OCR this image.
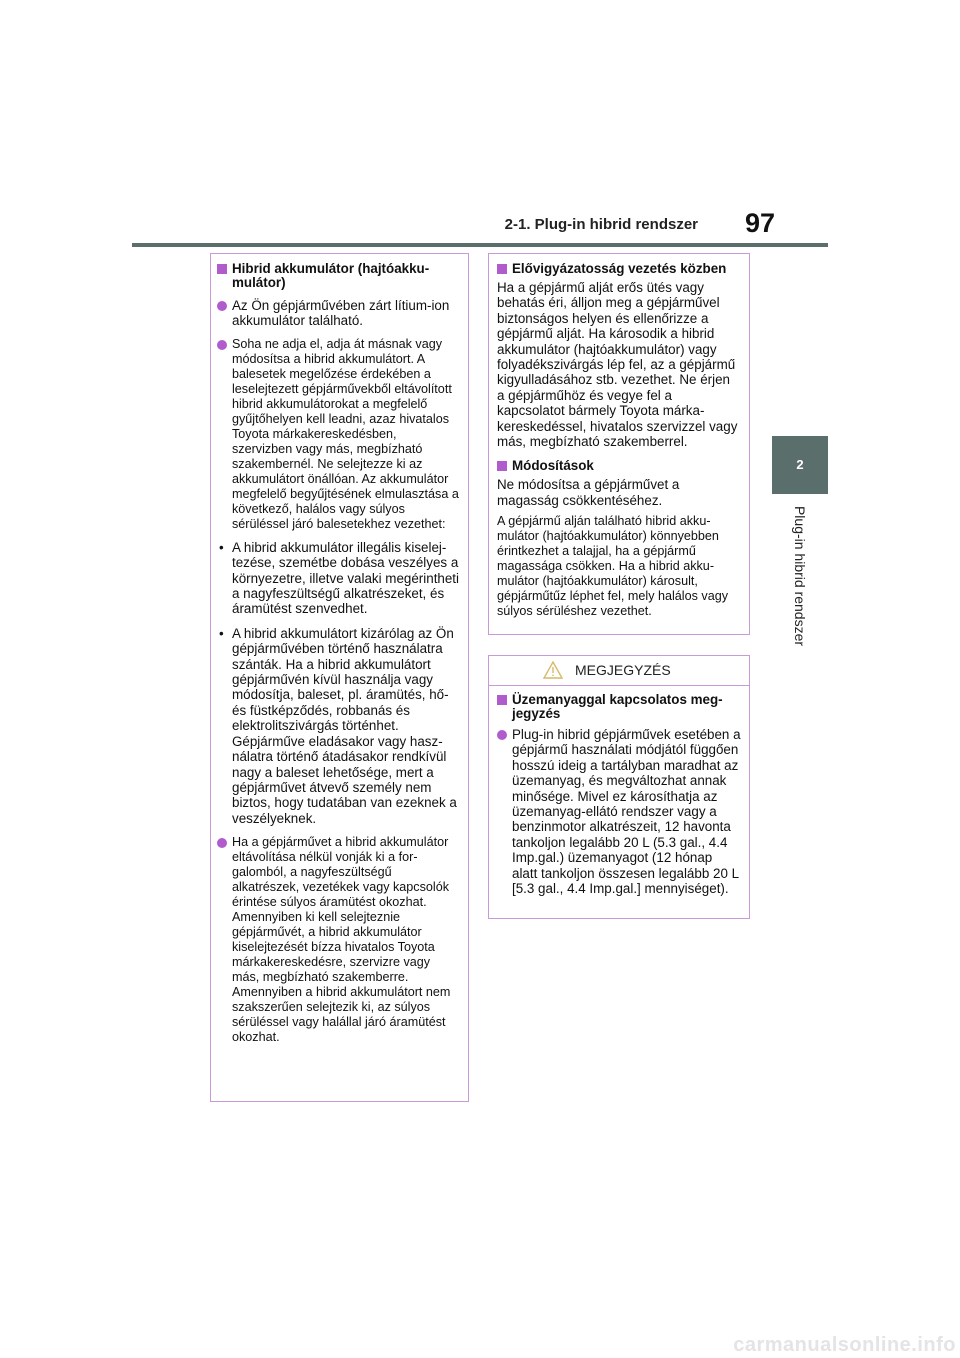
2-1. Plug-in hibrid rendszer	97
2
Plug-in hibrid rendszer
Hibrid akkumulátor (hajtóakkumulátor)

Az Ön gépjárművében zárt lítium-ion akkumulátor található.

Soha ne adja el, adja át másnak vagy módosítsa a hibrid akkumulátort. A balesetek megelőzése érdekében a leselejtezett gépjárművekből eltávolított hibrid akkumulátorokat a megfelelő gyűjtőhelyen kell leadni, azaz hivatalos Toyota márkakereskedésben, szervizben vagy más, megbízható szakembernél. Ne selejtezze ki az akkumulátort önállóan. Az akkumulátor megfelelő begyűjtésének elmulasztása a következő, halálos vagy súlyos sérüléssel járó balesetekhez vezethet:

• A hibrid akkumulátor illegális kiselejtezése, szemétbe dobása veszélyes a környezetre, illetve valaki megérintheti a nagyfeszültségű alkatrészeket, és áramütést szenvedhet.

• A hibrid akkumulátort kizárólag az Ön gépjárművében történő használatra szánták. Ha a hibrid akkumulátort gépjárművén kívül használja vagy módosítja, baleset, pl. áramütés, hő- és füstképződés, robbanás és elektrolitszivárgás történhet. Gépjárműve eladásakor vagy használatra történő átadásakor rendkívül nagy a baleset lehetősége, mert a gépjárművet átvevő személy nem biztos, hogy tudatában van ezeknek a veszélyeknek.

Ha a gépjárművet a hibrid akkumulátor eltávolítása nélkül vonják ki a forgalomból, a nagyfeszültségű alkatrészek, vezetékek vagy kapcsolók érintése súlyos áramütést okozhat. Amennyiben ki kell selejteznie gépjárművét, a hibrid akkumulátor kiselejtezését bízza hivatalos Toyota márkakereskedésre, szervizre vagy más, megbízható szakemberre. Amennyiben a hibrid akkumulátort nem szakszerűen selejtezik ki, az súlyos sérüléssel vagy halállal járó áramütést okozhat.

Elővigyázatosság vezetés közben

Ha a gépjármű alját erős ütés vagy behatás éri, álljon meg a gépjárművel biztonságos helyen és ellenőrizze a gépjármű alját. Ha károsodik a hibrid akkumulátor (hajtóakkumulátor) vagy folyadékszivárgás lép fel, az a gépjármű kigyulladásához stb. vezethet. Ne érjen a gépjárműhöz és vegye fel a kapcsolatot bármely Toyota márkakereskedéssel, hivatalos szervizzel vagy más, megbízható szakemberrel.

Módosítások

Ne módosítsa a gépjárművet a magasság csökkentéséhez.

A gépjármű alján található hibrid akkumulátor (hajtóakkumulátor) könnyebben érintkezhet a talajjal, ha a gépjármű magassága csökken. Ha a hibrid akkumulátor (hajtóakkumulátor) károsult, gépjárműtűz léphet fel, mely halálos vagy súlyos sérüléshez vezethet.

MEGJEGYZÉS
Üzemanyaggal kapcsolatos megjegyzés

Plug-in hibrid gépjárművek esetében a gépjármű használati módjától függően hosszú ideig a tartályban maradhat az üzemanyag, és megváltozhat annak minősége. Mivel ez károsíthatja az üzemanyag-ellátó rendszer vagy a benzinmotor alkatrészeit, 12 havonta tankoljon legalább 20 L (5.3 gal., 4.4 Imp.gal.) üzemanyagot (12 hónap alatt tankoljon összesen legalább 20 L [5.3 gal., 4.4 Imp.gal.] mennyiséget).

carmanualsonline.info
